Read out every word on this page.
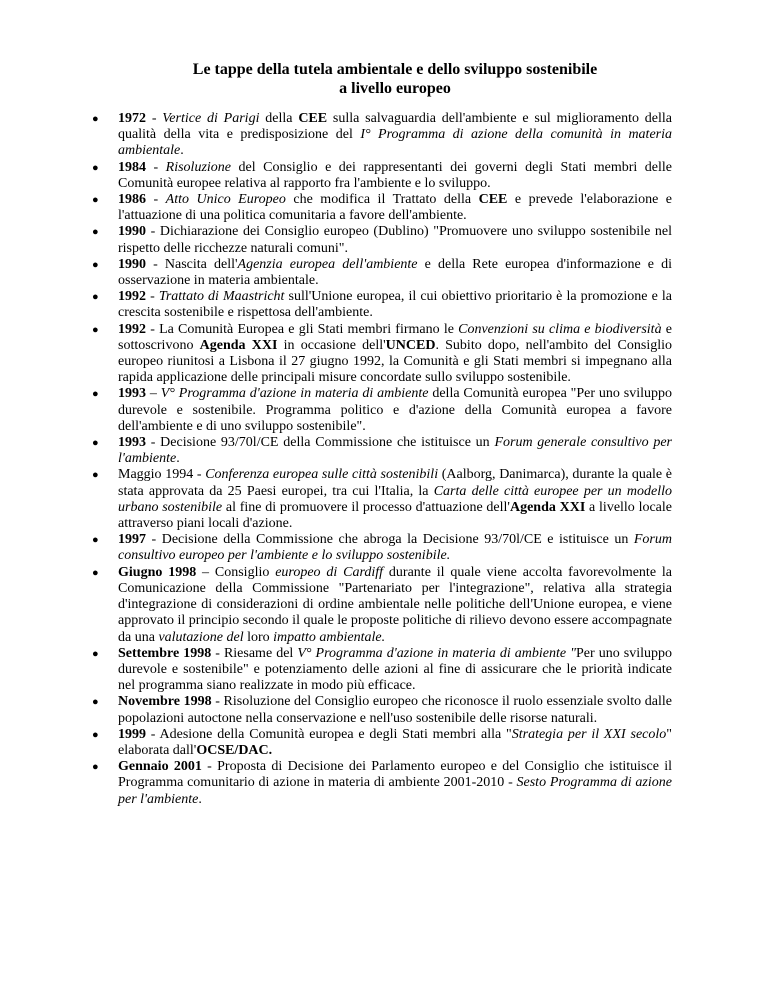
Le tappe della tutela ambientale e dello sviluppo sostenibile
a livello europeo
● 1972 - Vertice di Parigi della CEE sulla salvaguardia dell'ambiente e sul miglioramento della qualità della vita e predisposizione del I° Programma di azione della comunità in materia ambientale.
● 1984 - Risoluzione del Consiglio e dei rappresentanti dei governi degli Stati membri delle Comunità europee relativa al rapporto fra l'ambiente e lo sviluppo.
● 1986 - Atto Unico Europeo che modifica il Trattato della CEE e prevede l'elaborazione e l'attuazione di una politica comunitaria a favore dell'ambiente.
● 1990 - Dichiarazione dei Consiglio europeo (Dublino) "Promuovere uno sviluppo sostenibile nel rispetto delle ricchezze naturali comuni".
● 1990 - Nascita dell'Agenzia europea dell'ambiente e della Rete europea d'informazione e di osservazione in materia ambientale.
● 1992 - Trattato di Maastricht sull'Unione europea, il cui obiettivo prioritario è la promozione e la crescita sostenibile e rispettosa dell'ambiente.
● 1992 - La Comunità Europea e gli Stati membri firmano le Convenzioni su clima e biodiversità e sottoscrivono Agenda XXI in occasione dell'UNCED. Subito dopo, nell'ambito del Consiglio europeo riunitosi a Lisbona il 27 giugno 1992, la Comunità e gli Stati membri si impegnano alla rapida applicazione delle principali misure concordate sullo sviluppo sostenibile.
● 1993 – V° Programma d'azione in materia di ambiente della Comunità europea "Per uno sviluppo durevole e sostenibile. Programma politico e d'azione della Comunità europea a favore dell'ambiente e di uno sviluppo sostenibile".
● 1993 - Decisione 93/70l/CE della Commissione che istituisce un Forum generale consultivo per l'ambiente.
● Maggio 1994 - Conferenza europea sulle città sostenibili (Aalborg, Danimarca), durante la quale è stata approvata da 25 Paesi europei, tra cui l'Italia, la Carta delle città europee per un modello urbano sostenibile al fine di promuovere il processo d'attuazione dell'Agenda XXI a livello locale attraverso piani locali d'azione.
● 1997 - Decisione della Commissione che abroga la Decisione 93/70l/CE e istituisce un Forum consultivo europeo per l'ambiente e lo sviluppo sostenibile.
● Giugno 1998 – Consiglio europeo di Cardiff durante il quale viene accolta favorevolmente la Comunicazione della Commissione "Partenariato per l'integrazione", relativa alla strategia d'integrazione di considerazioni di ordine ambientale nelle politiche dell'Unione europea, e viene approvato il principio secondo il quale le proposte politiche di rilievo devono essere accompagnate da una valutazione del loro impatto ambientale.
● Settembre 1998 - Riesame del V° Programma d'azione in materia di ambiente "Per uno sviluppo durevole e sostenibile" e potenziamento delle azioni al fine di assicurare che le priorità indicate nel programma siano realizzate in modo più efficace.
● Novembre 1998 - Risoluzione del Consiglio europeo che riconosce il ruolo essenziale svolto dalle popolazioni autoctone nella conservazione e nell'uso sostenibile delle risorse naturali.
● 1999 - Adesione della Comunità europea e degli Stati membri alla "Strategia per il XXI secolo" elaborata dall'OCSE/DAC.
● Gennaio 2001 - Proposta di Decisione dei Parlamento europeo e del Consiglio che istituisce il Programma comunitario di azione in materia di ambiente 2001-2010 - Sesto Programma di azione per l'ambiente.
